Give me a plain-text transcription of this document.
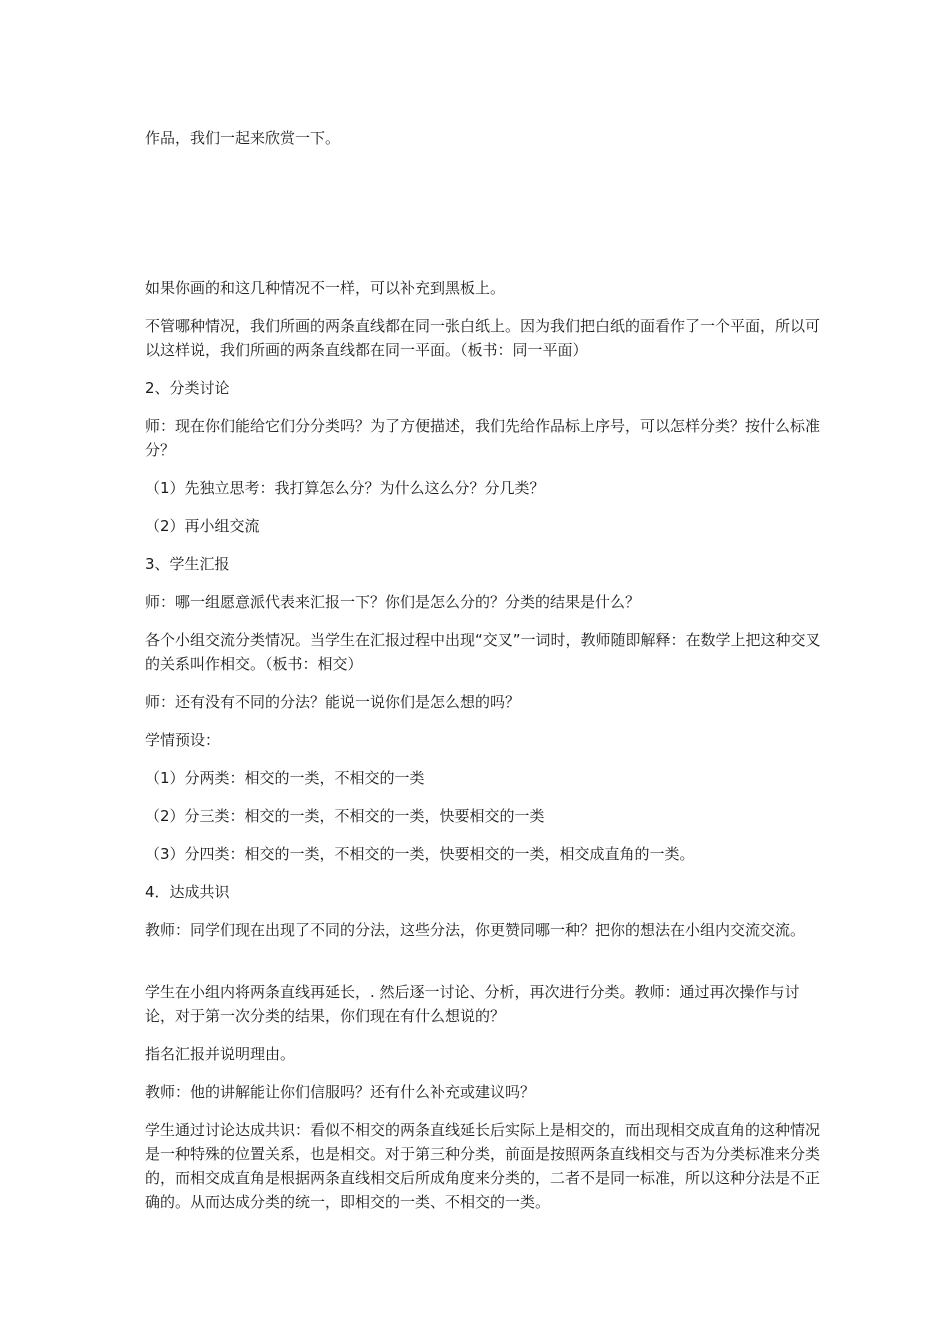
作品，我们一起来欣赏一下。

如果你画的和这几种情况不一样，可以补充到黑板上。

不管哪种情况，我们所画的两条直线都在同一张白纸上。因为我们把白纸的面看作了一个平面，所以可以这样说，我们所画的两条直线都在同一平面。（板书：同一平面）

2、分类讨论

师：现在你们能给它们分分类吗？为了方便描述，我们先给作品标上序号，可以怎样分类？按什么标准分？

（1）先独立思考：我打算怎么分？为什么这么分？分几类？

（2）再小组交流

3、学生汇报

师：哪一组愿意派代表来汇报一下？你们是怎么分的？分类的结果是什么？

各个小组交流分类情况。当学生在汇报过程中出现“交叉”一词时，教师随即解释：在数学上把这种交叉的关系叫作相交。（板书：相交）

师：还有没有不同的分法？能说一说你们是怎么想的吗？

学情预设：

（1）分两类：相交的一类，不相交的一类

（2）分三类：相交的一类，不相交的一类，快要相交的一类

（3）分四类：相交的一类，不相交的一类，快要相交的一类，相交成直角的一类。

4．达成共识

教师：同学们现在出现了不同的分法，这些分法，你更赞同哪一种？把你的想法在小组内交流交流。

学生在小组内将两条直线再延长，. 然后逐一讨论、分析，再次进行分类。教师：通过再次操作与讨论，对于第一次分类的结果，你们现在有什么想说的？

指名汇报并说明理由。

教师：他的讲解能让你们信服吗？还有什么补充或建议吗？

学生通过讨论达成共识：看似不相交的两条直线延长后实际上是相交的，而出现相交成直角的这种情况是一种特殊的位置关系，也是相交。对于第三种分类，前面是按照两条直线相交与否为分类标准来分类的，而相交成直角是根据两条直线相交后所成角度来分类的，二者不是同一标准，所以这种分法是不正确的。从而达成分类的统一，即相交的一类、不相交的一类。
